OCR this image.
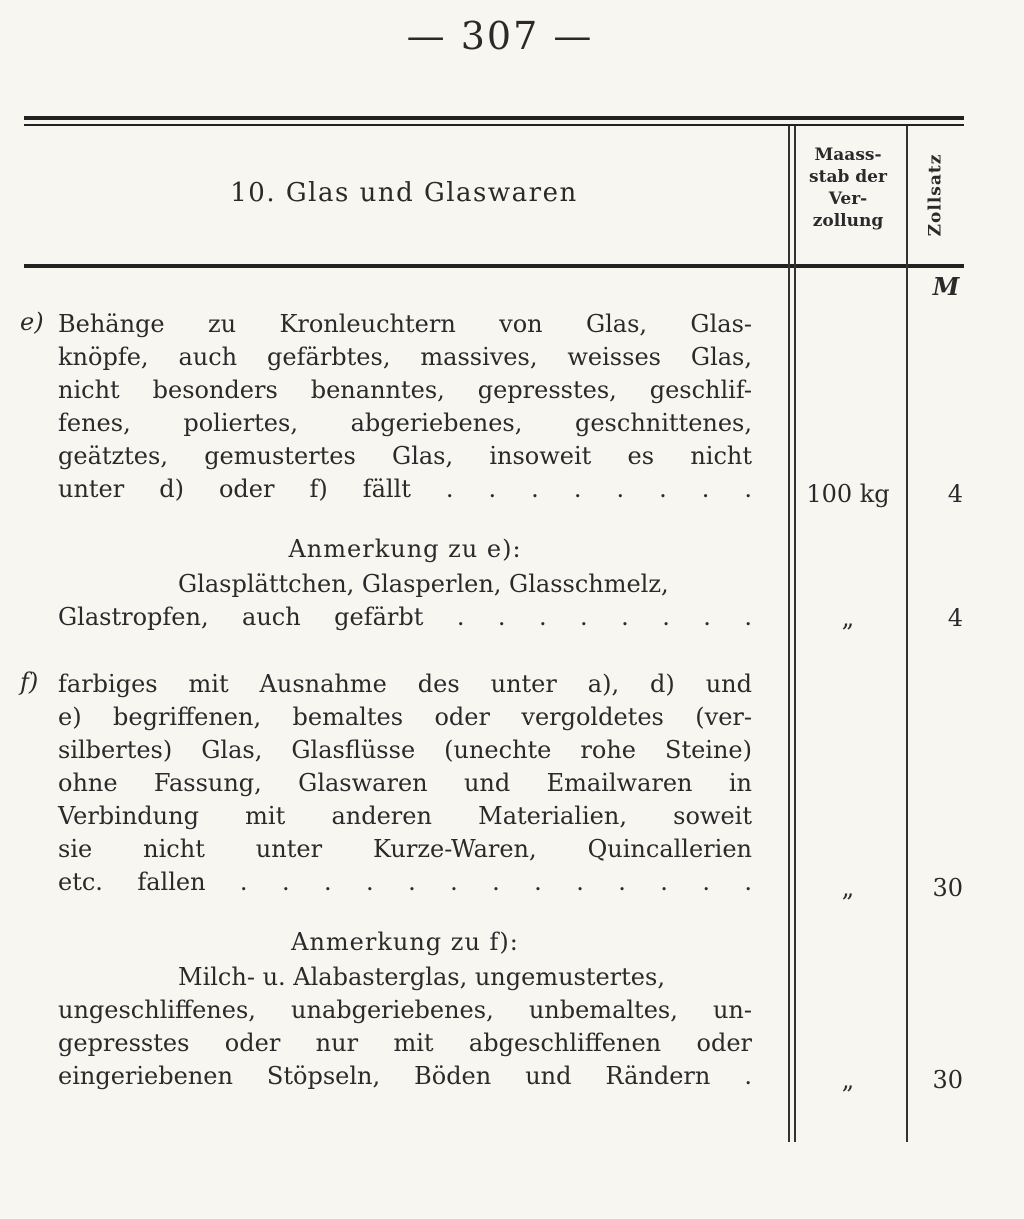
— 307 —
10. Glas und Glaswaren
Maass-
stab der
Ver-
zollung	Zollsatz
M
e) Behänge zu Kronleuchtern von Glas, Glas-
knöpfe, auch gefärbtes, massives, weisses Glas,
nicht besonders benanntes, gepresstes, geschlif-
fenes, poliertes, abgeriebenes, geschnittenes,
geätztes, gemustertes Glas, insoweit es nicht
unter d) oder f) fällt . . . . . . . .	100 kg	4
Anmerkung zu e):
Glasplättchen, Glasperlen, Glasschmelz,
Glastropfen, auch gefärbt . . . . . . . .	„	4
f) farbiges mit Ausnahme des unter a), d) und
e) begriffenen, bemaltes oder vergoldetes (ver-
silbertes) Glas, Glasflüsse (unechte rohe Steine)
ohne Fassung, Glaswaren und Emailwaren in
Verbindung mit anderen Materialien, soweit
sie nicht unter Kurze-Waren, Quincallerien
etc. fallen . . . . . . . . . . . . .	„	30
Anmerkung zu f):
Milch- u. Alabasterglas, ungemustertes,
ungeschliffenes, unabgeriebenes, unbemaltes, un-
gepresstes oder nur mit abgeschliffenen oder
eingeriebenen Stöpseln, Böden und Rändern .	„	30
